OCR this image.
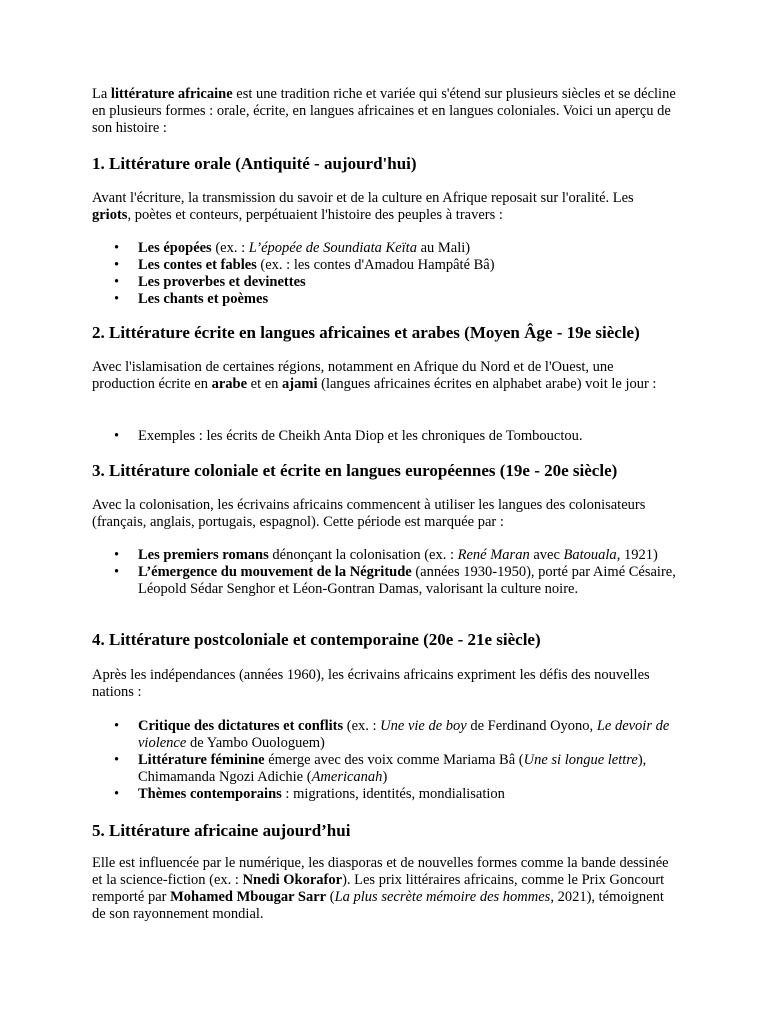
La littérature africaine est une tradition riche et variée qui s'étend sur plusieurs siècles et se décline en plusieurs formes : orale, écrite, en langues africaines et en langues coloniales. Voici un aperçu de son histoire :

1. Littérature orale (Antiquité - aujourd'hui)

Avant l'écriture, la transmission du savoir et de la culture en Afrique reposait sur l'oralité. Les griots, poètes et conteurs, perpétuaient l'histoire des peuples à travers :

• Les épopées (ex. : L’épopée de Soundiata Keïta au Mali)
• Les contes et fables (ex. : les contes d'Amadou Hampâté Bâ)
• Les proverbes et devinettes
• Les chants et poèmes
2. Littérature écrite en langues africaines et arabes (Moyen Âge - 19e siècle)

Avec l'islamisation de certaines régions, notamment en Afrique du Nord et de l'Ouest, une production écrite en arabe et en ajami (langues africaines écrites en alphabet arabe) voit le jour :

• Exemples : les écrits de Cheikh Anta Diop et les chroniques de Tombouctou.
3. Littérature coloniale et écrite en langues européennes (19e - 20e siècle)

Avec la colonisation, les écrivains africains commencent à utiliser les langues des colonisateurs (français, anglais, portugais, espagnol). Cette période est marquée par :

• Les premiers romans dénonçant la colonisation (ex. : René Maran avec Batouala, 1921)
• L’émergence du mouvement de la Négritude (années 1930-1950), porté par Aimé Césaire, Léopold Sédar Senghor et Léon-Gontran Damas, valorisant la culture noire.
4. Littérature postcoloniale et contemporaine (20e - 21e siècle)

Après les indépendances (années 1960), les écrivains africains expriment les défis des nouvelles nations :

• Critique des dictatures et conflits (ex. : Une vie de boy de Ferdinand Oyono, Le devoir de violence de Yambo Ouologuem)
• Littérature féminine émerge avec des voix comme Mariama Bâ (Une si longue lettre), Chimamanda Ngozi Adichie (Americanah)
• Thèmes contemporains : migrations, identités, mondialisation
5. Littérature africaine aujourd’hui

Elle est influencée par le numérique, les diasporas et de nouvelles formes comme la bande dessinée et la science-fiction (ex. : Nnedi Okorafor). Les prix littéraires africains, comme le Prix Goncourt remporté par Mohamed Mbougar Sarr (La plus secrète mémoire des hommes, 2021), témoignent de son rayonnement mondial.
